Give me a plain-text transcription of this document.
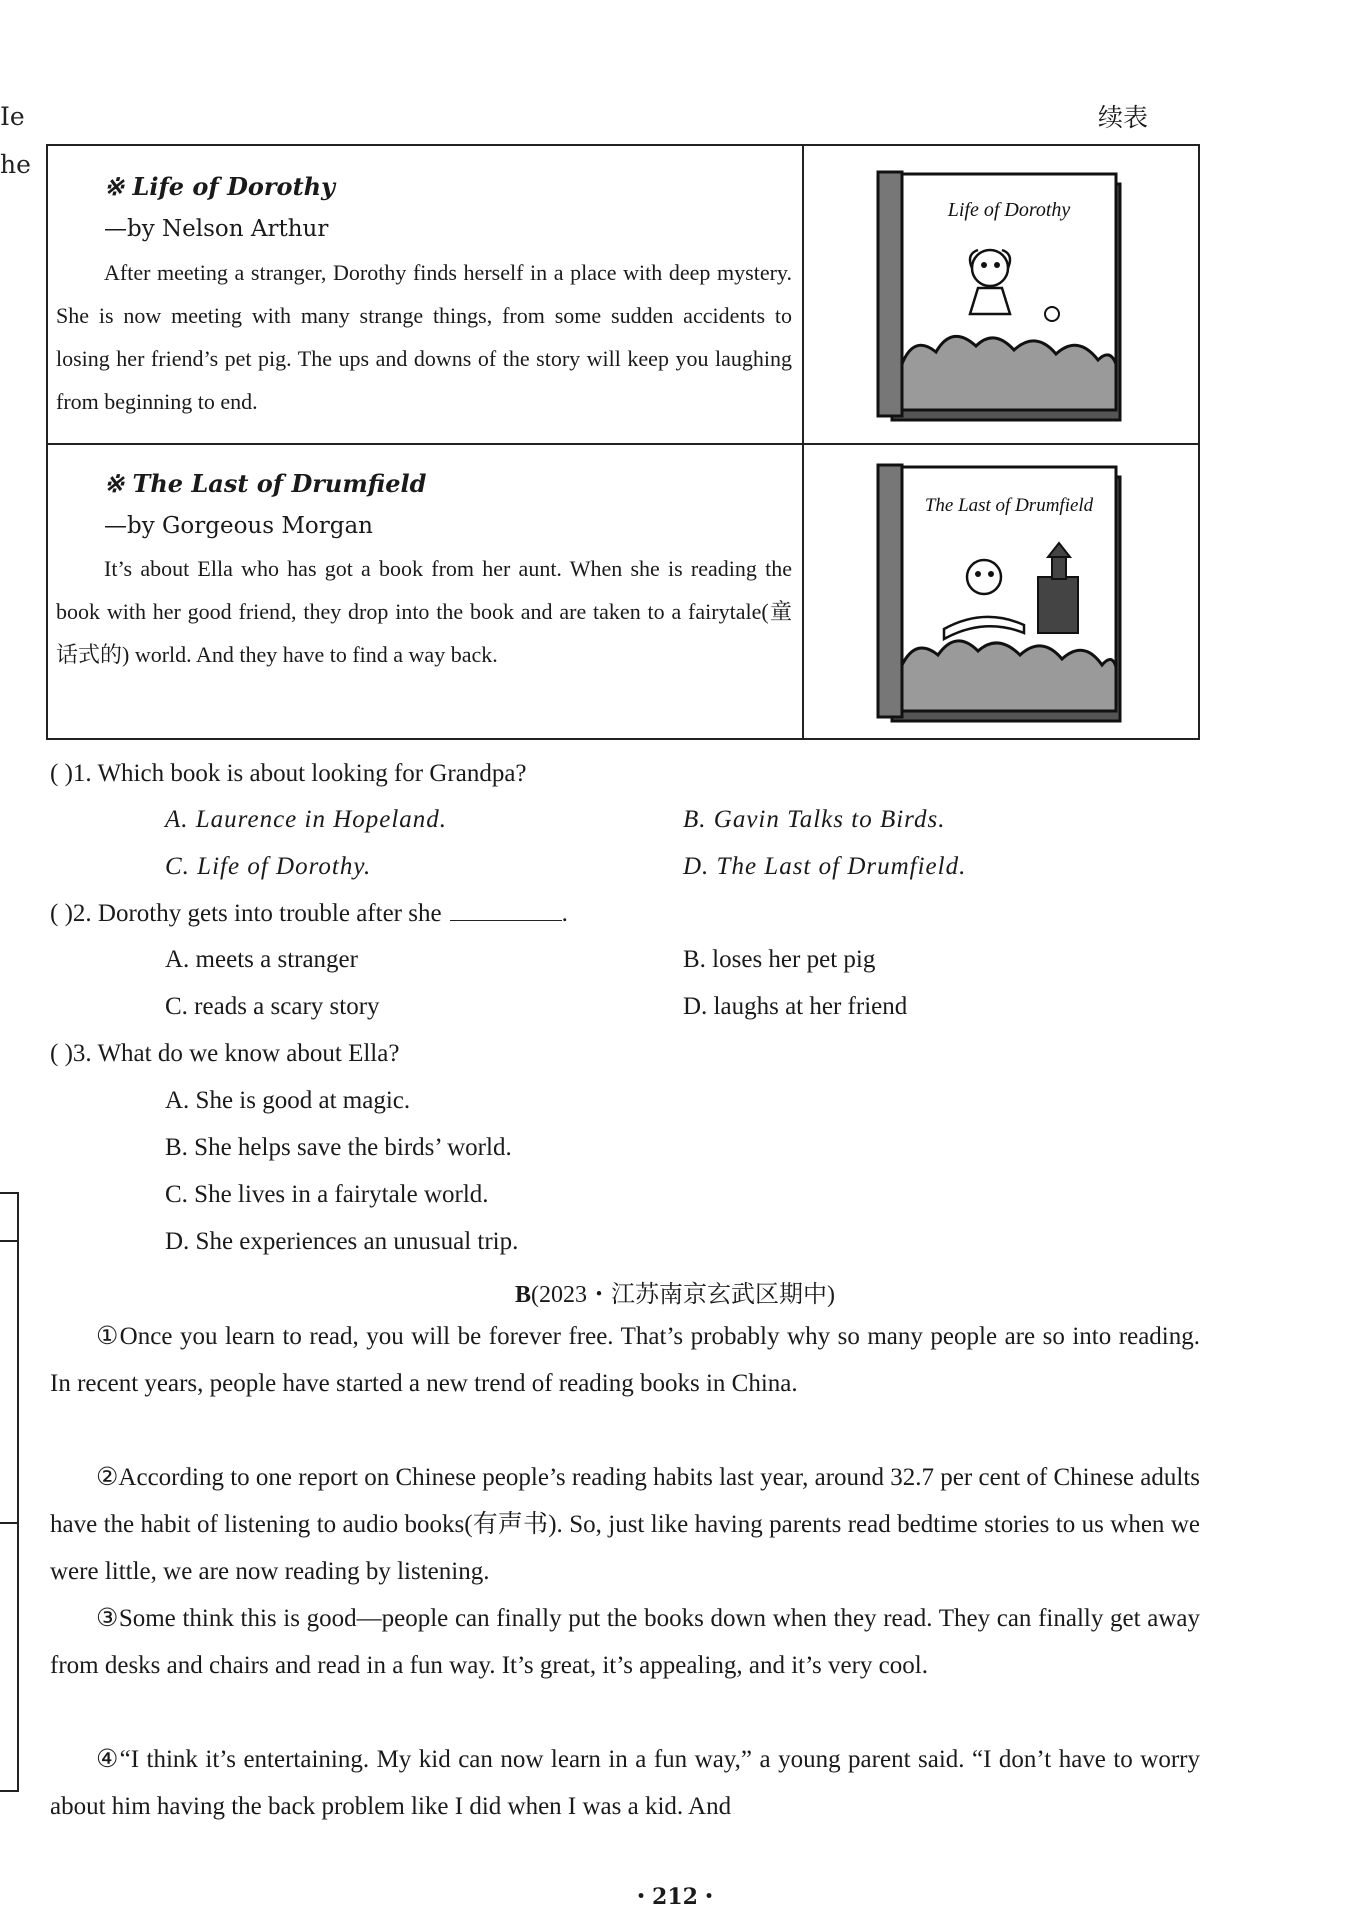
Ie
he
续表
※ Life of Dorothy
—by Nelson Arthur
After meeting a stranger, Dorothy finds herself in a place with deep mystery. She is now meeting with many strange things, from some sudden accidents to losing her friend’s pet pig. The ups and downs of the story will keep you laughing from beginning to end.
Life of Dorothy
※ The Last of Drumfield
—by Gorgeous Morgan
It’s about Ella who has got a book from her aunt. When she is reading the book with her good friend, they drop into the book and are taken to a fairytale(童话式的) world. And they have to find a way back.
The Last of Drumfield
( )1. Which book is about looking for Grandpa?
A. Laurence in Hopeland.	B. Gavin Talks to Birds.
C. Life of Dorothy.	D. The Last of Drumfield.
( )2. Dorothy gets into trouble after she	.
A. meets a stranger	B. loses her pet pig
C. reads a scary story	D. laughs at her friend
( )3. What do we know about Ella?
A. She is good at magic.
B. She helps save the birds’ world.
C. She lives in a fairytale world.
D. She experiences an unusual trip.
B(2023・江苏南京玄武区期中)
①Once you learn to read, you will be forever free. That’s probably why so many people are so into reading. In recent years, people have started a new trend of reading books in China.
②According to one report on Chinese people’s reading habits last year, around 32.7 per cent of Chinese adults have the habit of listening to audio books(有声书). So, just like having parents read bedtime stories to us when we were little, we are now reading by listening.
③Some think this is good—people can finally put the books down when they read. They can finally get away from desks and chairs and read in a fun way. It’s great, it’s appealing, and it’s very cool.
④“I think it’s entertaining. My kid can now learn in a fun way,” a young parent said. “I don’t have to worry about him having the back problem like I did when I was a kid. And
・212・
